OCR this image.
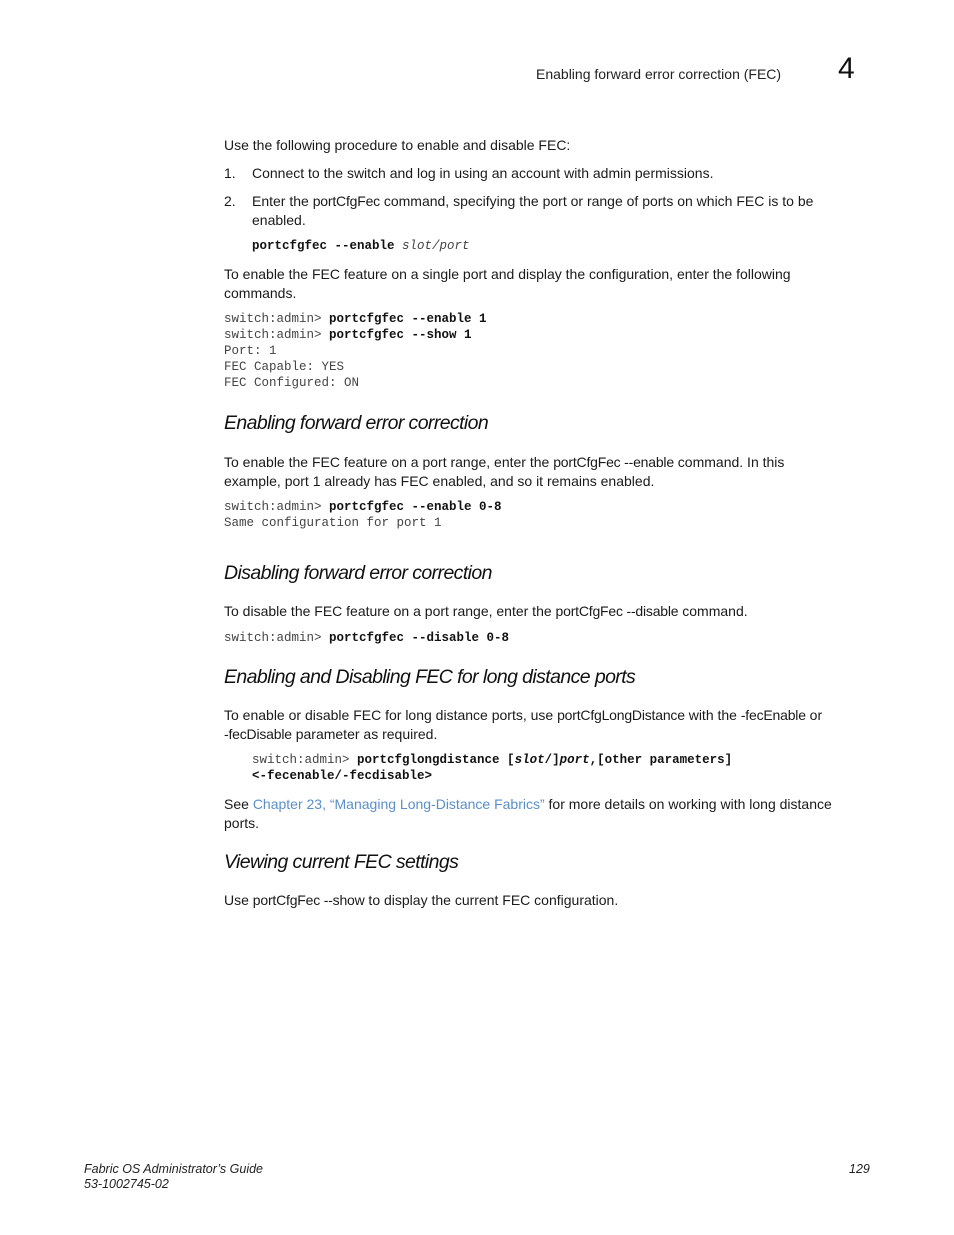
Enabling forward error correction (FEC) 4
Use the following procedure to enable and disable FEC:
1. Connect to the switch and log in using an account with admin permissions.
2. Enter the portCfgFec command, specifying the port or range of ports on which FEC is to be
enabled.
portcfgfec --enable slot/port
To enable the FEC feature on a single port and display the configuration, enter the following
commands.
switch:admin> portcfgfec --enable 1
switch:admin> portcfgfec --show 1
Port: 1
FEC Capable: YES
FEC Configured: ON
Enabling forward error correction
To enable the FEC feature on a port range, enter the portCfgFec --enable command. In this
example, port 1 already has FEC enabled, and so it remains enabled.
switch:admin> portcfgfec --enable 0-8
Same configuration for port 1
Disabling forward error correction
To disable the FEC feature on a port range, enter the portCfgFec --disable command.
switch:admin> portcfgfec --disable 0-8
Enabling and Disabling FEC for long distance ports
To enable or disable FEC for long distance ports, use portCfgLongDistance with the -fecEnable or
-fecDisable parameter as required.
switch:admin> portcfglongdistance [slot/]port,[other parameters]
<-fecenable/-fecdisable>
See Chapter 23, “Managing Long-Distance Fabrics” for more details on working with long distance
ports.
Viewing current FEC settings
Use portCfgFec --show to display the current FEC configuration.
Fabric OS Administrator’s Guide
53-1002745-02
129
